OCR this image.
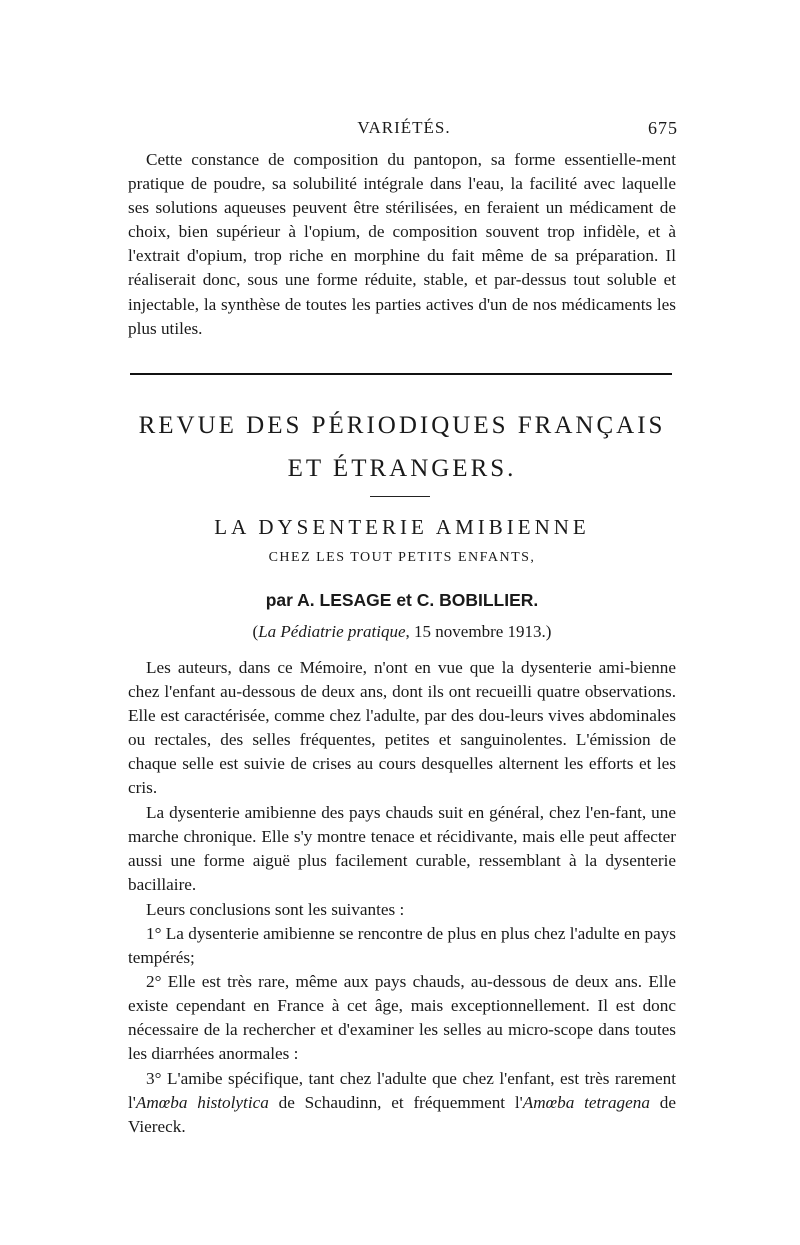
VARIÉTÉS.	675

Cette constance de composition du pantopon, sa forme essentielle-ment pratique de poudre, sa solubilité intégrale dans l'eau, la facilité avec laquelle ses solutions aqueuses peuvent être stérilisées, en feraient un médicament de choix, bien supérieur à l'opium, de composition souvent trop infidèle, et à l'extrait d'opium, trop riche en morphine du fait même de sa préparation. Il réaliserait donc, sous une forme réduite, stable, et par-dessus tout soluble et injectable, la synthèse de toutes les parties actives d'un de nos médicaments les plus utiles.

REVUE DES PÉRIODIQUES FRANÇAIS
ET ÉTRANGERS.
LA DYSENTERIE AMIBIENNE
CHEZ LES TOUT PETITS ENFANTS,
par A. LESAGE et C. BOBILLIER.
(La Pédiatrie pratique, 15 novembre 1913.)

Les auteurs, dans ce Mémoire, n'ont en vue que la dysenterie ami-bienne chez l'enfant au-dessous de deux ans, dont ils ont recueilli quatre observations. Elle est caractérisée, comme chez l'adulte, par des dou-leurs vives abdominales ou rectales, des selles fréquentes, petites et sanguinolentes. L'émission de chaque selle est suivie de crises au cours desquelles alternent les efforts et les cris.

La dysenterie amibienne des pays chauds suit en général, chez l'en-fant, une marche chronique. Elle s'y montre tenace et récidivante, mais elle peut affecter aussi une forme aiguë plus facilement curable, ressemblant à la dysenterie bacillaire.

Leurs conclusions sont les suivantes :

1° La dysenterie amibienne se rencontre de plus en plus chez l'adulte en pays tempérés;

2° Elle est très rare, même aux pays chauds, au-dessous de deux ans. Elle existe cependant en France à cet âge, mais exceptionnellement. Il est donc nécessaire de la rechercher et d'examiner les selles au micro-scope dans toutes les diarrhées anormales :

3° L'amibe spécifique, tant chez l'adulte que chez l'enfant, est très rarement l'Amœba histolytica de Schaudinn, et fréquemment l'Amœba tetragena de Viereck.
